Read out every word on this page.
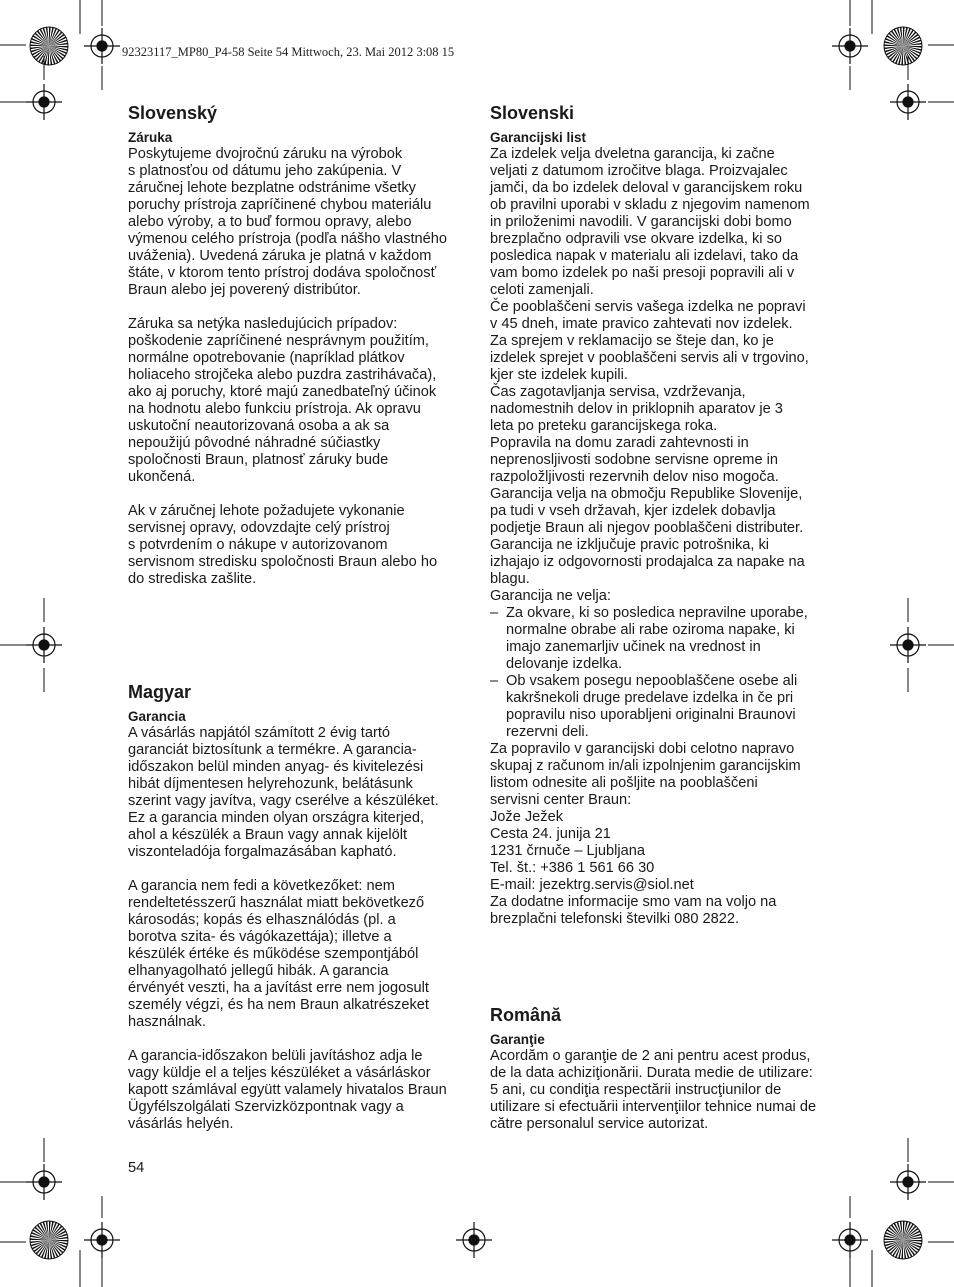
92323117_MP80_P4-58 Seite 54 Mittwoch, 23. Mai 2012 3:08 15
Slovenský

Záruka

Poskytujeme dvojročnú záruku na výrobok
s platnosťou od dátumu jeho zakúpenia. V
záručnej lehote bezplatne odstránime všetky
poruchy prístroja zapríčinené chybou materiálu
alebo výroby, a to buď formou opravy, alebo
výmenou celého prístroja (podľa nášho vlastného
uváženia). Uvedená záruka je platná v každom
štáte, v ktorom tento prístroj dodáva spoločnosť
Braun alebo jej poverený distribútor.

Záruka sa netýka nasledujúcich prípadov:
poškodenie zapríčinené nesprávnym použitím,
normálne opotrebovanie (napríklad plátkov
holiaceho strojčeka alebo puzdra zastrihávača),
ako aj poruchy, ktoré majú zanedbateľný účinok
na hodnotu alebo funkciu prístroja. Ak opravu
uskutoční neautorizovaná osoba a ak sa
nepoužijú pôvodné náhradné súčiastky
spoločnosti Braun, platnosť záruky bude
ukončená.

Ak v záručnej lehote požadujete vykonanie
servisnej opravy, odovzdajte celý prístroj
s potvrdením o nákupe v autorizovanom
servisnom stredisku spoločnosti Braun alebo ho
do strediska zašlite.

Magyar

Garancia

A vásárlás napjától számított 2 évig tartó
garanciát biztosítunk a termékre. A garancia-
időszakon belül minden anyag- és kivitelezési
hibát díjmentesen helyrehozunk, belátásunk
szerint vagy javítva, vagy cserélve a készüléket.
Ez a garancia minden olyan országra kiterjed,
ahol a készülék a Braun vagy annak kijelölt
viszonteladója forgalmazásában kapható.

A garancia nem fedi a következőket: nem
rendeltetésszerű használat miatt bekövetkező
károsodás; kopás és elhasználódás (pl. a
borotva szita- és vágókazettája); illetve a
készülék értéke és működése szempontjából
elhanyagolható jellegű hibák. A garancia
érvényét veszti, ha a javítást erre nem jogosult
személy végzi, és ha nem Braun alkatrészeket
használnak.

A garancia-időszakon belüli javításhoz adja le
vagy küldje el a teljes készüléket a vásárláskor
kapott számlával együtt valamely hivatalos Braun
Ügyfélszolgálati Szervizközpontnak vagy a
vásárlás helyén.

54
Slovenski

Garancijski list

Za izdelek velja dveletna garancija, ki začne
veljati z datumom izročitve blaga. Proizvajalec
jamči, da bo izdelek deloval v garancijskem roku
ob pravilni uporabi v skladu z njegovim namenom
in priloženimi navodili. V garancijski dobi bomo
brezplačno odpravili vse okvare izdelka, ki so
posledica napak v materialu ali izdelavi, tako da
vam bomo izdelek po naši presoji popravili ali v
celoti zamenjali.

Če pooblaščeni servis vašega izdelka ne popravi
v 45 dneh, imate pravico zahtevati nov izdelek.

Za sprejem v reklamacijo se šteje dan, ko je
izdelek sprejet v pooblaščeni servis ali v trgovino,
kjer ste izdelek kupili.

Čas zagotavljanja servisa, vzdrževanja,
nadomestnih delov in priklopnih aparatov je 3
leta po preteku garancijskega roka.

Popravila na domu zaradi zahtevnosti in
neprenosljivosti sodobne servisne opreme in
razpoložljivosti rezervnih delov niso mogoča.

Garancija velja na območju Republike Slovenije,
pa tudi v vseh državah, kjer izdelek dobavlja
podjetje Braun ali njegov pooblaščeni distributer.

Garancija ne izključuje pravic potrošnika, ki
izhajajo iz odgovornosti prodajalca za napake na
blagu.

Garancija ne velja:

– Za okvare, ki so posledica nepravilne uporabe,
normalne obrabe ali rabe oziroma napake, ki
imajo zanemarljiv učinek na vrednost in
delovanje izdelka.
– Ob vsakem posegu nepooblaščene osebe ali
kakršnekoli druge predelave izdelka in če pri
popravilu niso uporabljeni originalni Braunovi
rezervni deli.

Za popravilo v garancijski dobi celotno napravo
skupaj z računom in/ali izpolnjenim garancijskim
listom odnesite ali pošljite na pooblaščeni
servisni center Braun:

Jože Ježek
Cesta 24. junija 21
1231 črnuče – Ljubljana
Tel. št.: +386 1 561 66 30
E-mail: jezektrg.servis@siol.net

Za dodatne informacije smo vam na voljo na
brezplačni telefonski številki 080 2822.

Română

Garanţie

Acordăm o garanţie de 2 ani pentru acest produs,
de la data achiziţionării. Durata medie de utilizare:
5 ani, cu condiţia respectării instrucţiunilor de
utilizare si efectuării intervenţiilor tehnice numai de
către personalul service autorizat.
